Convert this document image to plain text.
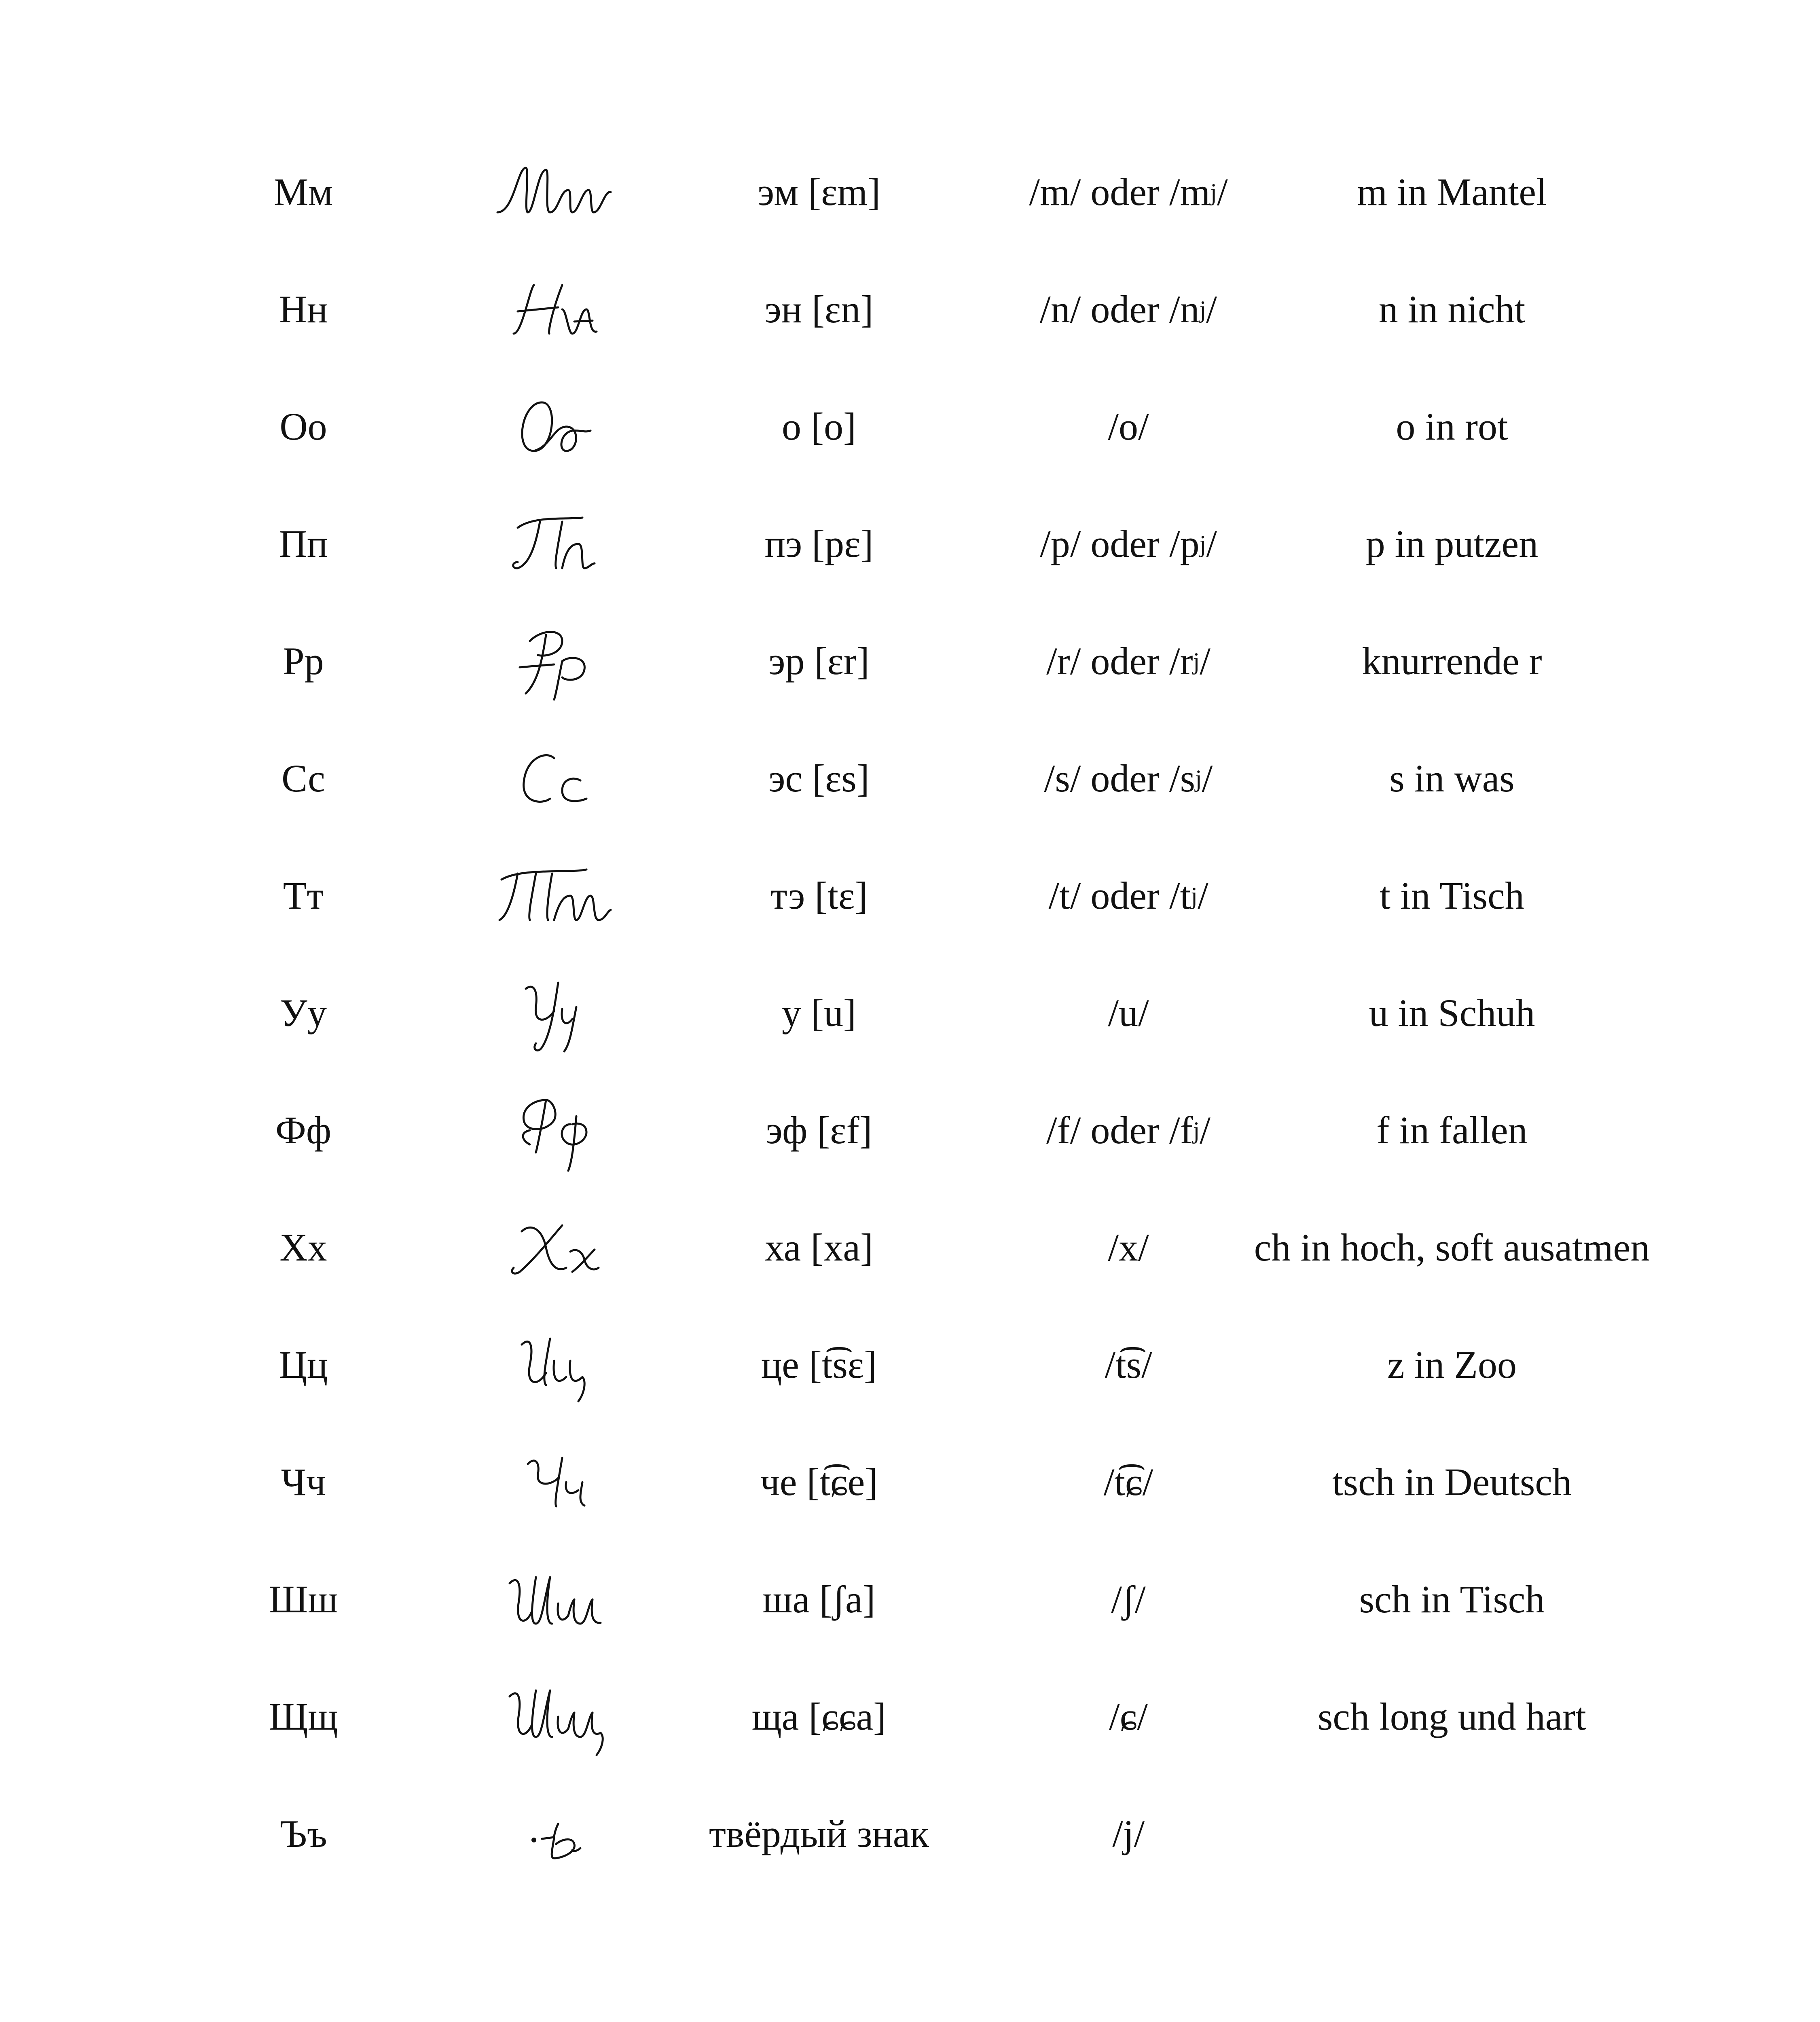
Мм	эм [ɛm]	/m/ oder /m j /	m in Mantel
Нн	эн [ɛn]	/n/ oder /n j /	n in nicht
Оо	о [o]	/o/	o in rot
Пп	пэ [pɛ]	/p/ oder /p j /	p in putzen
Рр	эр [ɛr]	/r/ oder /r j /	knurrende r
Сс	эс [ɛs]	/s/ oder /s j /	s in was
Тт	тэ [tɛ]	/t/ oder /t j /	t in Tisch
Уу	у [u]	/u/	u in Schuh
Фф	эф [ɛf]	/f/ oder /f j /	f in fallen
Хх	ха [xa]	/x/	ch in hoch, soft ausatmen
Цц	це [t͡sɛ]	/t͡s/	z in Zoo
Чч	че [t͡ɕe]	/t͡ɕ/	tsch in Deutsch
Шш	ша [ʃa]	/ʃ/	sch in Tisch
Щщ	ща [ɕɕa]	/ɕ/	sch long und hart
Ъъ	твёрдый знак	/j/
